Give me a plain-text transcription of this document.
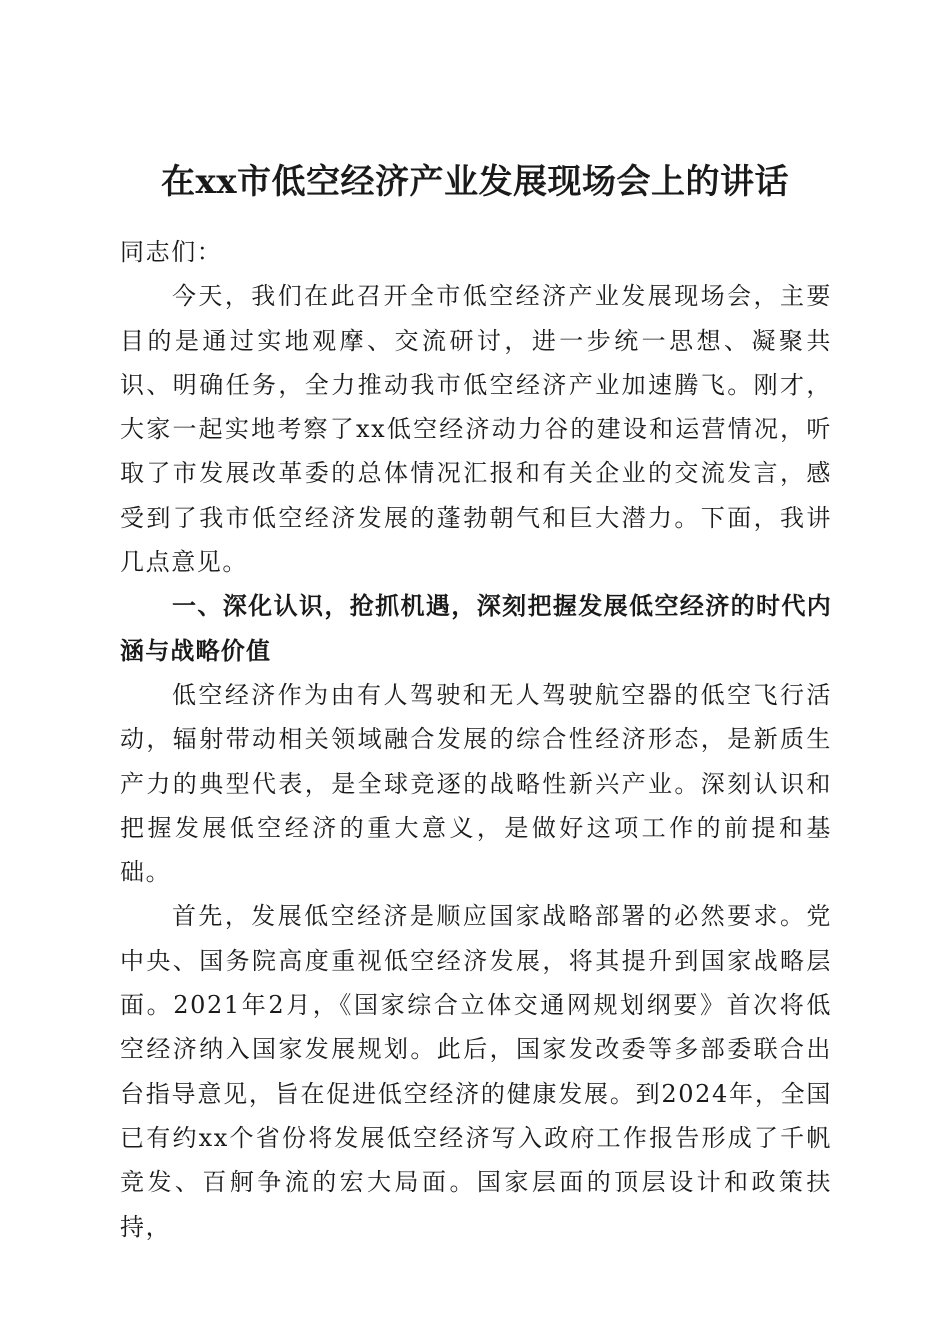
在xx市低空经济产业发展现场会上的讲话

同志们：

今天，我们在此召开全市低空经济产业发展现场会，主要目的是通过实地观摩、交流研讨，进一步统一思想、凝聚共识、明确任务，全力推动我市低空经济产业加速腾飞。刚才，大家一起实地考察了xx低空经济动力谷的建设和运营情况，听取了市发展改革委的总体情况汇报和有关企业的交流发言，感受到了我市低空经济发展的蓬勃朝气和巨大潜力。下面，我讲几点意见。

一、深化认识，抢抓机遇，深刻把握发展低空经济的时代内涵与战略价值

低空经济作为由有人驾驶和无人驾驶航空器的低空飞行活动，辐射带动相关领域融合发展的综合性经济形态，是新质生产力的典型代表，是全球竞逐的战略性新兴产业。深刻认识和把握发展低空经济的重大意义，是做好这项工作的前提和基础。

首先，发展低空经济是顺应国家战略部署的必然要求。党中央、国务院高度重视低空经济发展，将其提升到国家战略层面。2021年2月，《国家综合立体交通网规划纲要》首次将低空经济纳入国家发展规划。此后，国家发改委等多部委联合出台指导意见，旨在促进低空经济的健康发展。到2024年，全国已有约xx个省份将发展低空经济写入政府工作报告形成了千帆竞发、百舸争流的宏大局面。国家层面的顶层设计和政策扶持，
